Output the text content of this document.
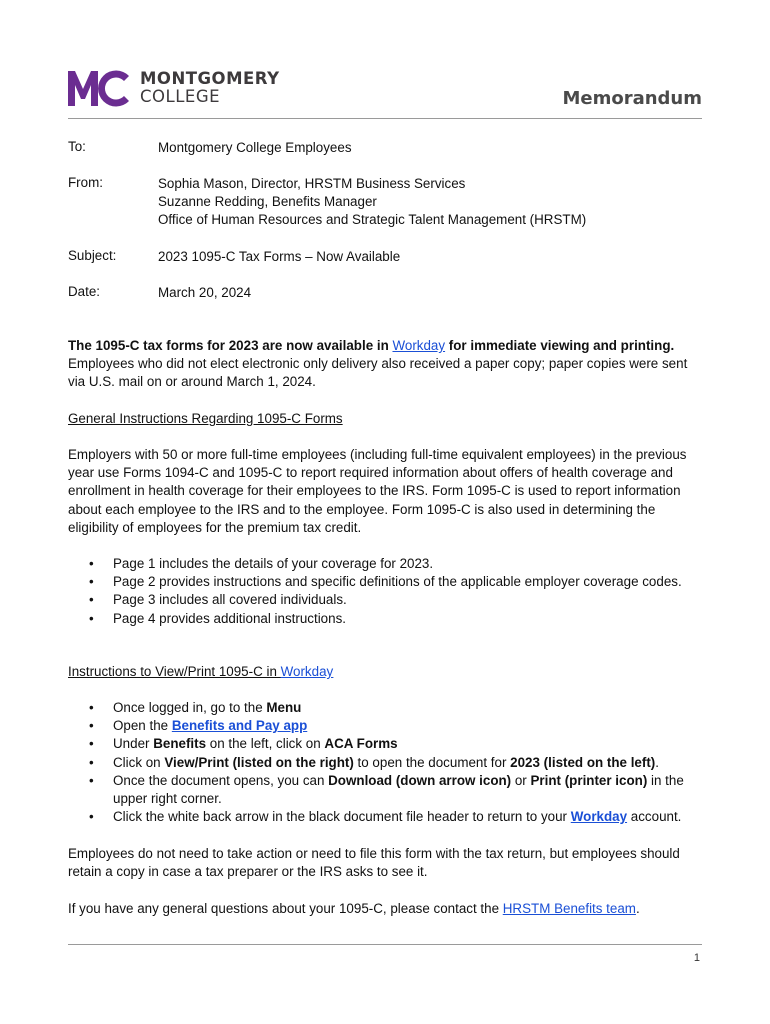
MONTGOMERY
COLLEGE	Memorandum
To:	Montgomery College Employees
From:	Sophia Mason, Director, HRSTM Business Services
Suzanne Redding, Benefits Manager
Office of Human Resources and Strategic Talent Management (HRSTM)
Subject:	2023 1095-C Tax Forms – Now Available
Date:	March 20, 2024
The 1095-C tax forms for 2023 are now available in Workday for immediate viewing and printing. Employees who did not elect electronic only delivery also received a paper copy; paper copies were sent via U.S. mail on or around March 1, 2024.
General Instructions Regarding 1095-C Forms
Employers with 50 or more full-time employees (including full-time equivalent employees) in the previous year use Forms 1094-C and 1095-C to report required information about offers of health coverage and enrollment in health coverage for their employees to the IRS. Form 1095-C is used to report information about each employee to the IRS and to the employee. Form 1095-C is also used in determining the eligibility of employees for the premium tax credit.
• Page 1 includes the details of your coverage for 2023.
• Page 2 provides instructions and specific definitions of the applicable employer coverage codes.
• Page 3 includes all covered individuals.
• Page 4 provides additional instructions.
Instructions to View/Print 1095-C in Workday
• Once logged in, go to the Menu
• Open the Benefits and Pay app
• Under Benefits on the left, click on ACA Forms
• Click on View/Print (listed on the right) to open the document for 2023 (listed on the left).
• Once the document opens, you can Download (down arrow icon) or Print (printer icon) in the upper right corner.
• Click the white back arrow in the black document file header to return to your Workday account.
Employees do not need to take action or need to file this form with the tax return, but employees should retain a copy in case a tax preparer or the IRS asks to see it.
If you have any general questions about your 1095-C, please contact the HRSTM Benefits team.
1
